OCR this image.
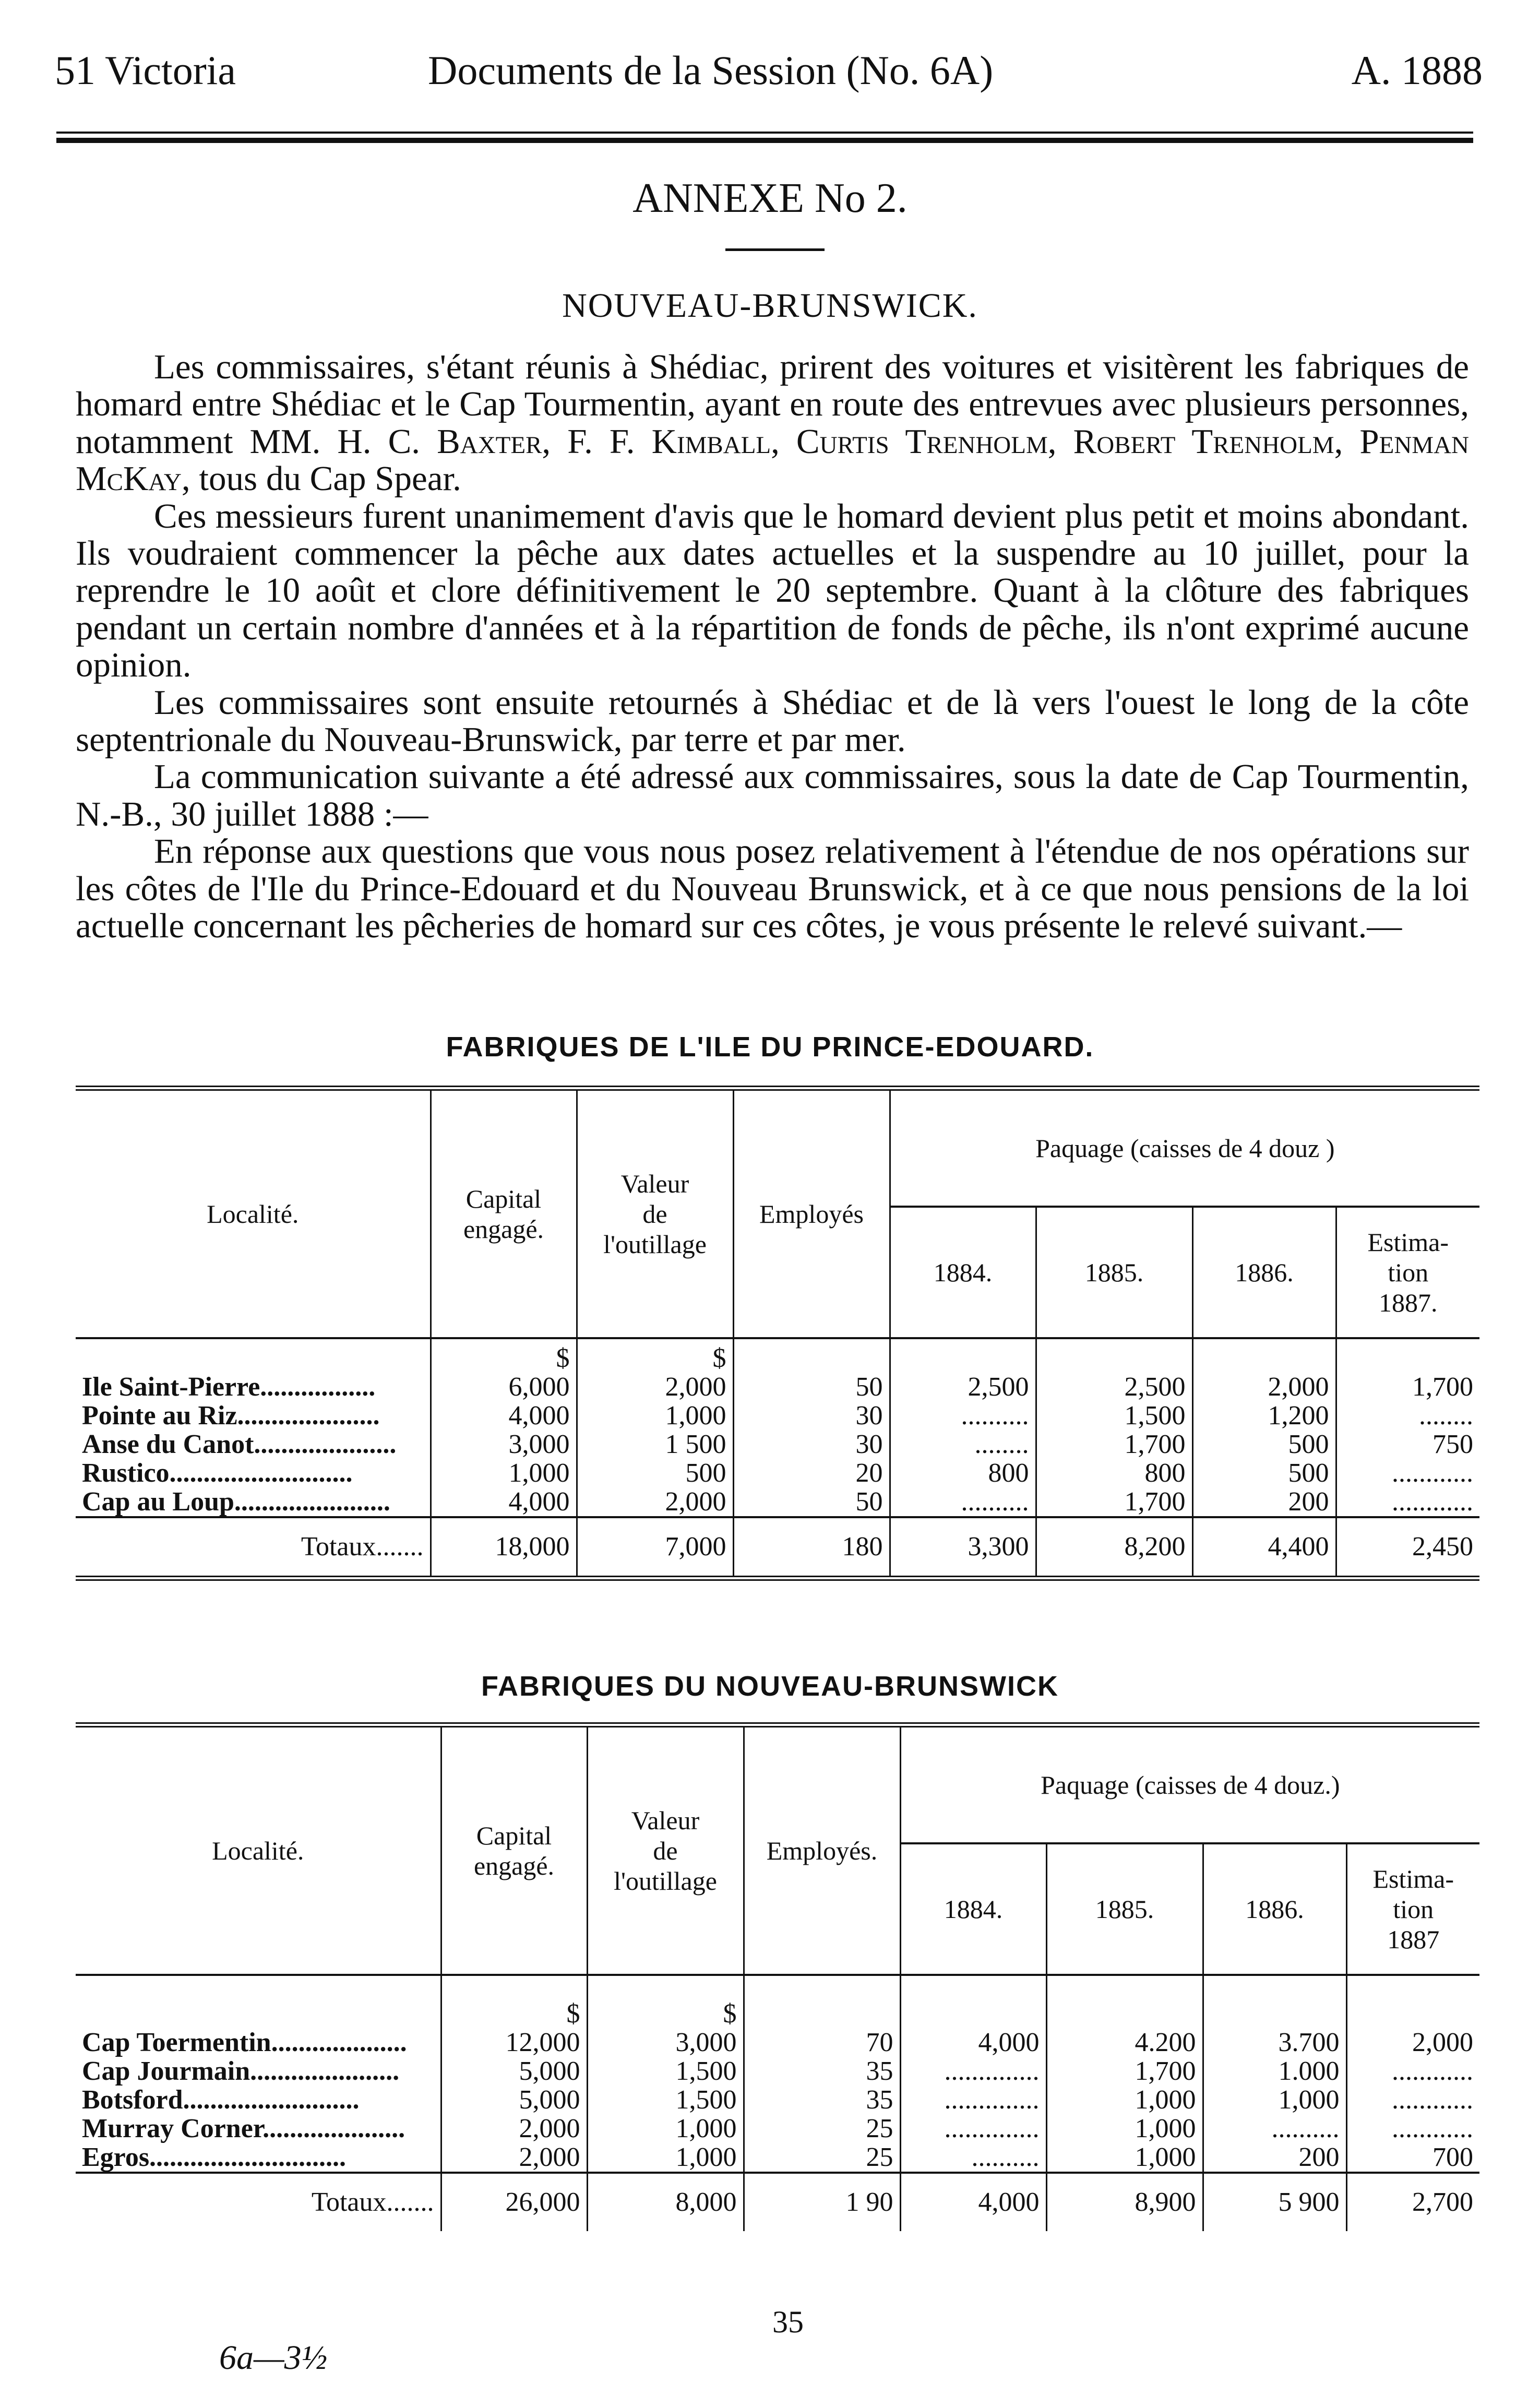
51 Victoria	Documents de la Session (No. 6A)	A. 1888
ANNEXE No 2.
NOUVEAU-BRUNSWICK.

Les commissaires, s'étant réunis à Shédiac, prirent des voitures et visitèrent les fabriques de homard entre Shédiac et le Cap Tourmentin, ayant en route des entrevues avec plusieurs personnes, notamment MM. H. C. Baxter, F. F. Kimball, Curtis Trenholm, Robert Trenholm, Penman McKay, tous du Cap Spear.

Ces messieurs furent unanimement d'avis que le homard devient plus petit et moins abondant. Ils voudraient commencer la pêche aux dates actuelles et la suspendre au 10 juillet, pour la reprendre le 10 août et clore définitivement le 20 septembre. Quant à la clôture des fabriques pendant un certain nombre d'années et à la répartition de fonds de pêche, ils n'ont exprimé aucune opinion.

Les commissaires sont ensuite retournés à Shédiac et de là vers l'ouest le long de la côte septentrionale du Nouveau-Brunswick, par terre et par mer.

La communication suivante a été adressé aux commissaires, sous la date de Cap Tourmentin, N.-B., 30 juillet 1888 :—

En réponse aux questions que vous nous posez relativement à l'étendue de nos opérations sur les côtes de l'Ile du Prince-Edouard et du Nouveau Brunswick, et à ce que nous pensions de la loi actuelle concernant les pêcheries de homard sur ces côtes, je vous présente le relevé suivant.—

FABRIQUES DE L'ILE DU PRINCE-EDOUARD.
Localité.	Capital engagé.	Valeur
de
l'outillage	Employés	Paquage (caisses de 4 douz )			
				1884.	1885.	1886.	Estima-
tion
1887.
	$	$					
Ile Saint-Pierre.................	6,000	2,000	50	2,500	2,500	2,000	1,700
Pointe au Riz.....................	4,000	1,000	30	..........	1,500	1,200	........
Anse du Canot.....................	3,000	1 500	30	........	1,700	500	750
Rustico...........................	1,000	500	20	800	800	500	............
Cap au Loup.......................	4,000	2,000	50	..........	1,700	200	............
Totaux.......	18,000	7,000	180	3,300	8,200	4,400	2,450

FABRIQUES DU NOUVEAU-BRUNSWICK
Localité.	Capital engagé.	Valeur
de
l'outillage	Employés.	Paquage (caisses de 4 douz.)			
				1884.	1885.	1886.	Estima-
tion
1887
	$	$					
Cap Toermentin....................	12,000	3,000	70	4,000	4.200	3.700	2,000
Cap Jourmain......................	5,000	1,500	35	..............	1,700	1.000	............
Botsford..........................	5,000	1,500	35	..............	1,000	1,000	............
Murray Corner.....................	2,000	1,000	25	..............	1,000	..........	............
Egros.............................	2,000	1,000	25	..........	1,000	200	700
Totaux.......	26,000	8,000	1 90	4,000	8,900	5 900	2,700
35
6a—3½
